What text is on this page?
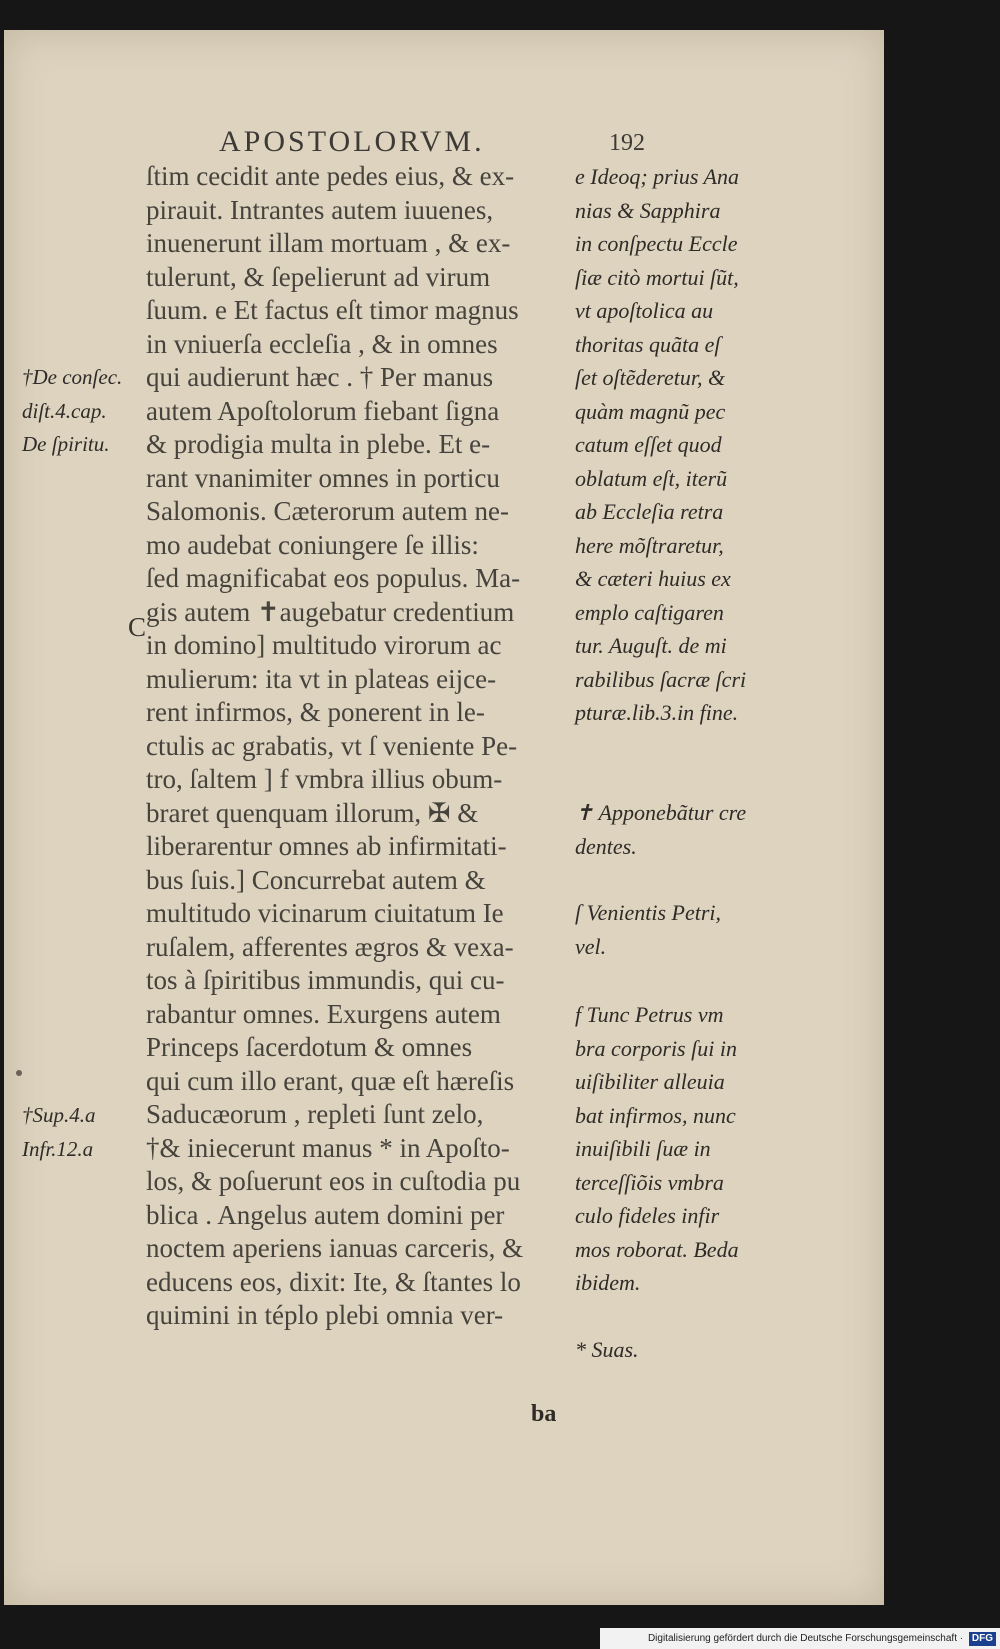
APOSTOLORVM.	192
ſtim cecidit ante pedes eius, & ex-
pirauit. Intrantes autem iuuenes,
inuenerunt illam mortuam , & ex-
tulerunt, & ſepelierunt ad virum
ſuum. e Et factus eſt timor magnus
in vniuerſa eccleſia , & in omnes
qui audierunt hæc . † Per manus
autem Apoſtolorum fiebant ſigna
& prodigia multa in plebe. Et e-
rant vnanimiter omnes in porticu
Salomonis. Cæterorum autem ne-
mo audebat coniungere ſe illis:
ſed magnificabat eos populus. Ma-
gis autem ✝augebatur credentium
in domino] multitudo virorum ac
mulierum: ita vt in plateas eijce-
rent infirmos, & ponerent in le-
ctulis ac grabatis, vt ſ veniente Pe-
tro, ſaltem ] f vmbra illius obum-
braret quenquam illorum, ✠ &
liberarentur omnes ab infirmitati-
bus ſuis.] Concurrebat autem &
multitudo vicinarum ciuitatum Ie
ruſalem, afferentes ægros & vexa-
tos à ſpiritibus immundis, qui cu-
rabantur omnes. Exurgens autem
Princeps ſacerdotum & omnes
qui cum illo erant, quæ eſt hæreſis
Saducæorum , repleti ſunt zelo,
†& iniecerunt manus * in Apoſto-
los, & poſuerunt eos in cuſtodia pu
blica . Angelus autem domini per
noctem aperiens ianuas carceris, &
educens eos, dixit: Ite, & ſtantes lo
quimini in téplo plebi omnia ver-
C
ba
e Ideoq; prius Ana
nias & Sapphira
in conſpectu Eccle
ſiæ citò mortui ſũt,
vt apoſtolica au
thoritas quãta eſ
ſet oſtẽderetur, &
quàm magnũ pec
catum eſſet quod
oblatum eſt, iterũ
ab Eccleſia retra
here mõſtraretur,
& cæteri huius ex
emplo caſtigaren
tur. Auguſt. de mi
rabilibus ſacræ ſcri
pturæ.lib.3.in fine.
✝ Apponebãtur cre
dentes.
ſ Venientis Petri,
vel.
f Tunc Petrus vm
bra corporis ſui in
uiſibiliter alleuia
bat infirmos, nunc
inuiſibili ſuæ in
terceſſiõis vmbra
culo fideles infir
mos roborat. Beda
ibidem.
* Suas.
†De conſec.
diſt.4.cap.
De ſpiritu.
†Sup.4.a
Infr.12.a
Digitalisierung gefördert durch die Deutsche Forschungsgemeinschaft · DFG
